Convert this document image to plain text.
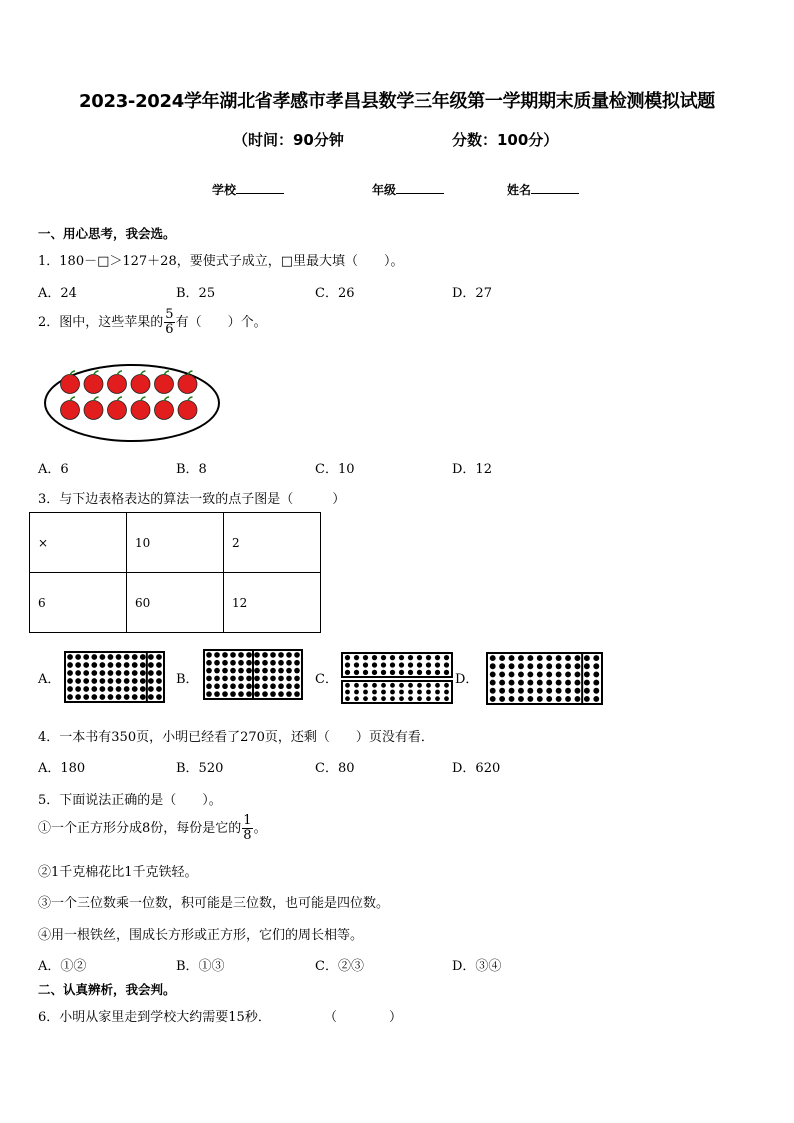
2023-2024学年湖北省孝感市孝昌县数学三年级第一学期期末质量检测模拟试题
（时间：90分钟	分数：100分）
学校	年级	姓名
一、用心思考，我会选。
1．180－□＞127＋28，要使式子成立，□里最大填（　　）。
A．24	B．25	C．26	D．27
2．图中，这些苹果的 $\frac{5}{6}$ 有（　　）个。
A．6	B．8	C．10	D．12
3．与下边表格表达的算法一致的点子图是（　　　）
×	10	2
6	60	12
A．	B．	C．	D．
4．一本书有350页，小明已经看了270页，还剩（　　）页没有看．
A．180	B．520	C．80	D．620
5．下面说法正确的是（　　）。
①一个正方形分成8份，每份是它的 $\frac{1}{8}$ 。
②1千克棉花比1千克铁轻。
③一个三位数乘一位数，积可能是三位数，也可能是四位数。
④用一根铁丝，围成长方形或正方形，它们的周长相等。
A．①②	B．①③	C．②③	D．③④
二、认真辨析，我会判。
6．小明从家里走到学校大约需要15秒．	（　　　　）
